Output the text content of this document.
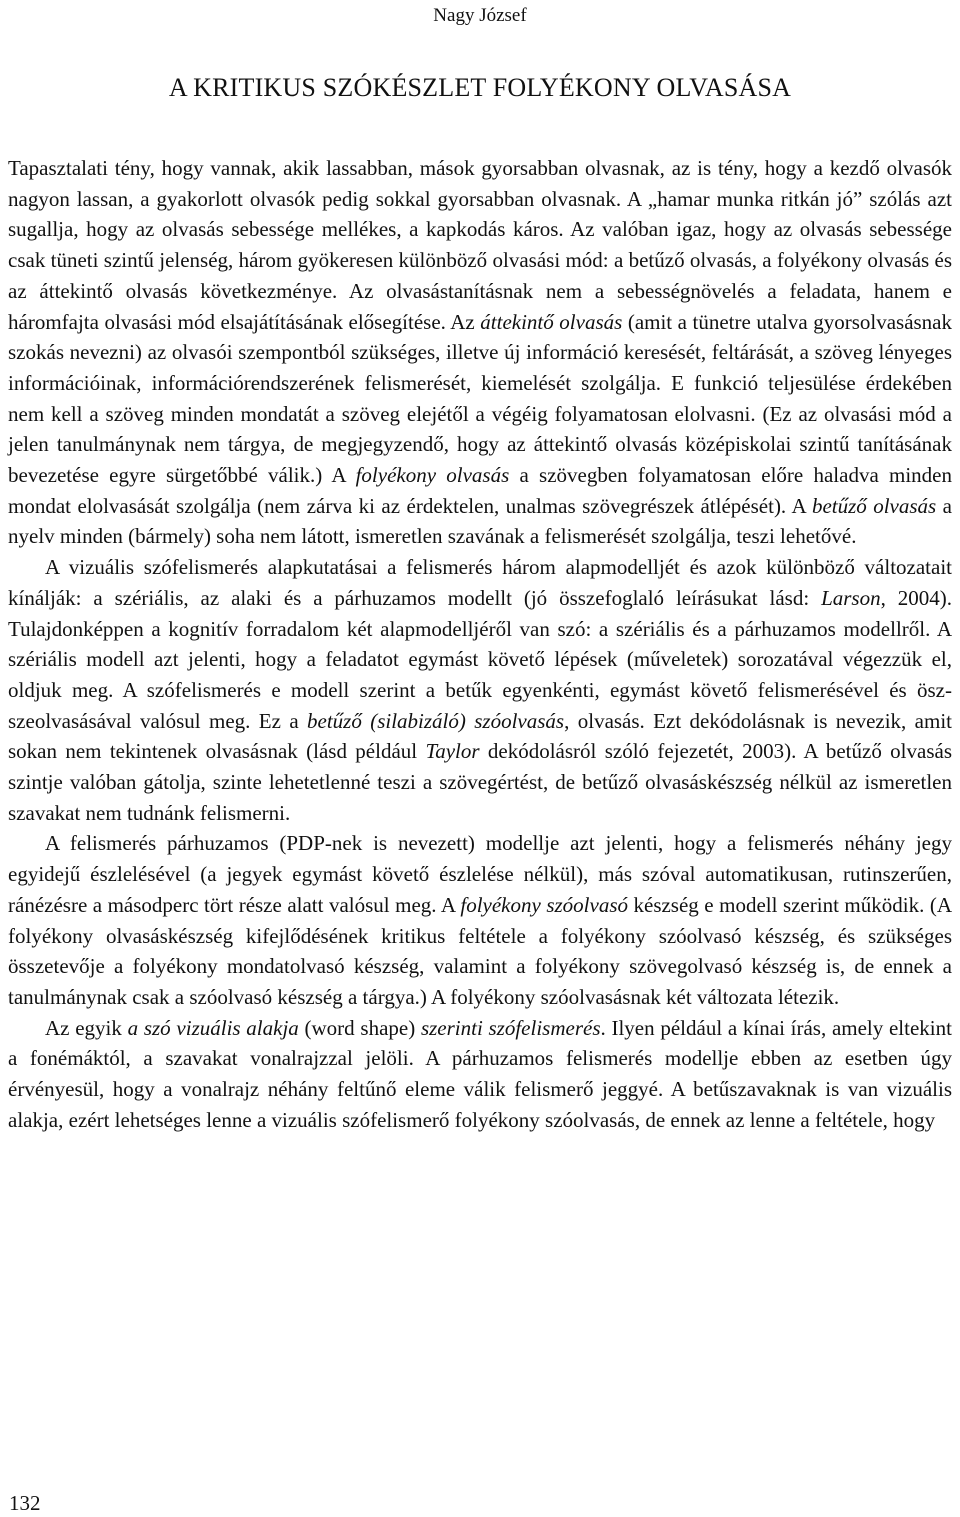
Nagy József
A KRITIKUS SZÓKÉSZLET FOLYÉKONY OLVASÁSA

Tapasztalati tény, hogy vannak, akik lassabban, mások gyorsabban olvasnak, az is tény, hogy a kezdő olvasók nagyon lassan, a gyakorlott olvasók pedig sokkal gyorsabban olvasnak. A „hamar munka ritkán jó” szólás azt sugallja, hogy az olvasás sebessége mellékes, a kapkodás káros. Az valóban igaz, hogy az olvasás sebessége csak tüneti szintű jelenség, három gyökeresen különböző olvasási mód: a betűző olvasás, a folyékony olvasás és az áttekintő olvasás következménye. Az olvasástanításnak nem a sebességnövelés a feladata, hanem e háromfajta olvasási mód elsajátításának elősegítése. Az áttekintő olvasás (amit a tünetre utalva gyorsolvasásnak szokás nevezni) az olvasói szempontból szükséges, illetve új információ keresését, feltárását, a szöveg lényeges információinak, információrendszerének felismerését, kiemelését szolgálja. E funkció teljesülése érdekében nem kell a szöveg minden mondatát a szöveg elejétől a végéig folyamatosan elolvasni. (Ez az olvasási mód a jelen tanulmánynak nem tárgya, de megjegyzendő, hogy az áttekintő olvasás középiskolai szintű tanításának bevezetése egyre sürgetőbbé válik.) A folyékony olvasás a szövegben folyamatosan előre haladva minden mondat elolvasását szolgálja (nem zárva ki az érdektelen, unalmas szövegrészek átlépését). A betűző olvasás a nyelv minden (bármely) soha nem látott, ismeretlen szavának a felismerését szolgálja, teszi lehetővé.

A vizuális szófelismerés alapkutatásai a felismerés három alapmodelljét és azok különböző változatait kínálják: a szériális, az alaki és a párhuzamos modellt (jó összefoglaló leírásukat lásd: Larson, 2004). Tulajdonképpen a kognitív forradalom két alapmodelljéről van szó: a szériális és a párhuzamos modellről. A szériális modell azt jelenti, hogy a feladatot egymást követő lépések (műveletek) sorozatával végezzük el, oldjuk meg. A szófelismerés e modell szerint a betűk egyenkénti, egymást követő felismerésével és öszszeolvasásával valósul meg. Ez a betűző (silabizáló) szóolvasás, olvasás. Ezt dekódolásnak is nevezik, amit sokan nem tekintenek olvasásnak (lásd például Taylor dekódolásról szóló fejezetét, 2003). A betűző olvasás szintje valóban gátolja, szinte lehetetlenné teszi a szövegértést, de betűző olvasáskészség nélkül az ismeretlen szavakat nem tudnánk felismerni.

A felismerés párhuzamos (PDP-nek is nevezett) modellje azt jelenti, hogy a felismerés néhány jegy egyidejű észlelésével (a jegyek egymást követő észlelése nélkül), más szóval automatikusan, rutinszerűen, ránézésre a másodperc tört része alatt valósul meg. A folyékony szóolvasó készség e modell szerint működik. (A folyékony olvasáskészség kifejlődésének kritikus feltétele a folyékony szóolvasó készség, és szükséges összetevője a folyékony mondatolvasó készség, valamint a folyékony szövegolvasó készség is, de ennek a tanulmánynak csak a szóolvasó készség a tárgya.) A folyékony szóolvasásnak két változata létezik.

Az egyik a szó vizuális alakja (word shape) szerinti szófelismerés. Ilyen például a kínai írás, amely eltekint a fonémáktól, a szavakat vonalrajzzal jelöli. A párhuzamos felismerés modellje ebben az esetben úgy érvényesül, hogy a vonalrajz néhány feltűnő eleme válik felismerő jeggyé. A betűszavaknak is van vizuális alakja, ezért lehetséges lenne a vizuális szófelismerő folyékony szóolvasás, de ennek az lenne a feltétele, hogy

132
